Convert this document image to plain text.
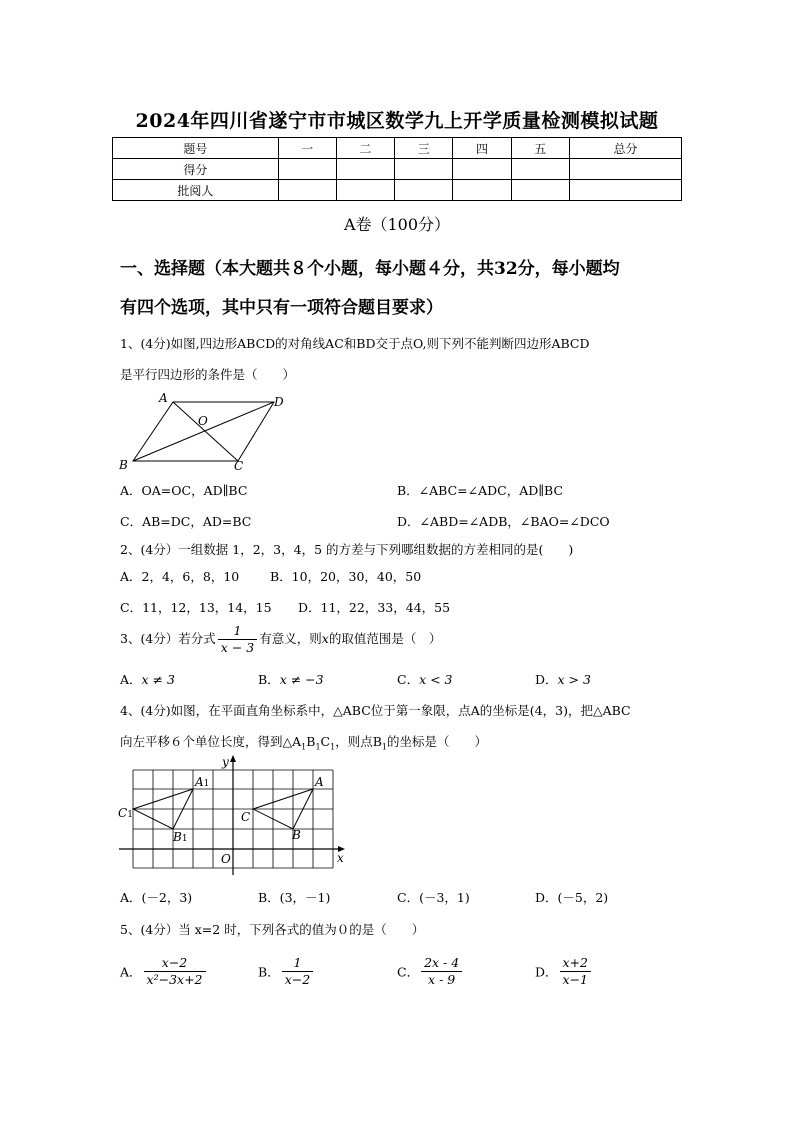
2024年四川省遂宁市市城区数学九上开学质量检测模拟试题
题号	一	二	三	四	五	总分
得分						
批阅人						
A卷（100分）
一、选择题（本大题共８个小题，每小题４分，共32分，每小题均
有四个选项，其中只有一项符合题目要求）
1、(4分)如图,四边形ABCD的对角线AC和BD交于点O,则下列不能判断四边形ABCD
是平行四边形的条件是（　　）
A	D
O
B	C
A．OA=OC，AD∥BC	B．∠ABC=∠ADC，AD∥BC
C．AB=DC，AD=BC	D．∠ABD=∠ADB，∠BAO=∠DCO
2、(4分）一组数据 1，2，3，4，5 的方差与下列哪组数据的方差相同的是(　　)
A．2，4，6，8，10 B．10，20，30，40，50
C．11，12，13，14，15 D．11，22，33，44，55
3、(4分）若分式 $\frac{1}{x - 3}$ 有意义，则x的取值范围是（　）
A．x ≠ 3	B．x ≠ −3	C．x < 3	D．x > 3
4、(4分)如图，在平面直角坐标系中，△ABC位于第一象限，点A的坐标是(4，3)，把△ABC
向左平移６个单位长度，得到$\triangle A_1B_1C_1$，则点$B_1$的坐标是（　　）
y
x
O
A
B
C
A1
B1
C1
A．(－2，3)	B．(3，－1)	C．(－3，1)	D．(－5，2)
5、(4分）当 x=2 时，下列各式的值为０的是（　　）
A． $\frac{x-2}{\text{x²−3x+2}}$	B． $\frac{1}{x-2}$	C． $\frac{2x - 4}{x - 9}$	D． $\frac{x+2}{x-1}$
